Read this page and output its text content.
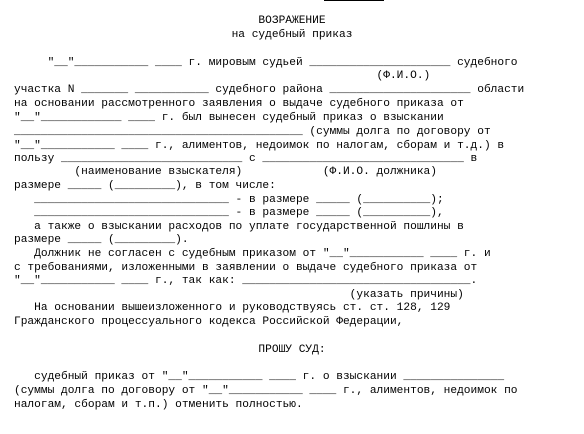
ВОЗРАЖЕНИЕ
на судебный приказ
"__"___________ ____ г. мировым судьей _____________________ судебного
(Ф.И.О.)
участка N _______ ___________ судебного района _____________________ области
на основании рассмотренного заявления о выдаче судебного приказа от
"__"____________ ____ г. был вынесен судебный приказ о взыскании
___________________________________________ (суммы долга по договору от
"__"___________ ____ г., алиментов, недоимок по налогам, сборам и т.д.) в
пользу ___________________________ с ______________________________ в
(наименование взыскателя)            (Ф.И.О. должника)
размере _____ (_________), в том числе:
_____________________________ - в размере _____ (__________);
_____________________________ - в размере _____ (__________),
а также о взыскании расходов по уплате государственной пошлины в
размере _____ (_________).
Должник не согласен с судебным приказом от "__"___________ ____ г. и
с требованиями, изложенными в заявлении о выдаче судебного приказа от
"__"___________ ____ г., так как: __________________________________.
(указать причины)
На основании вышеизложенного и руководствуясь ст. ст. 128, 129
Гражданского процессуального кодекса Российской Федерации,
ПРОШУ СУД:
судебный приказ от "__"___________ ____ г. о взыскании _______________
(суммы долга по договору от "__"___________ ____ г., алиментов, недоимок по
налогам, сборам и т.п.) отменить полностью.
